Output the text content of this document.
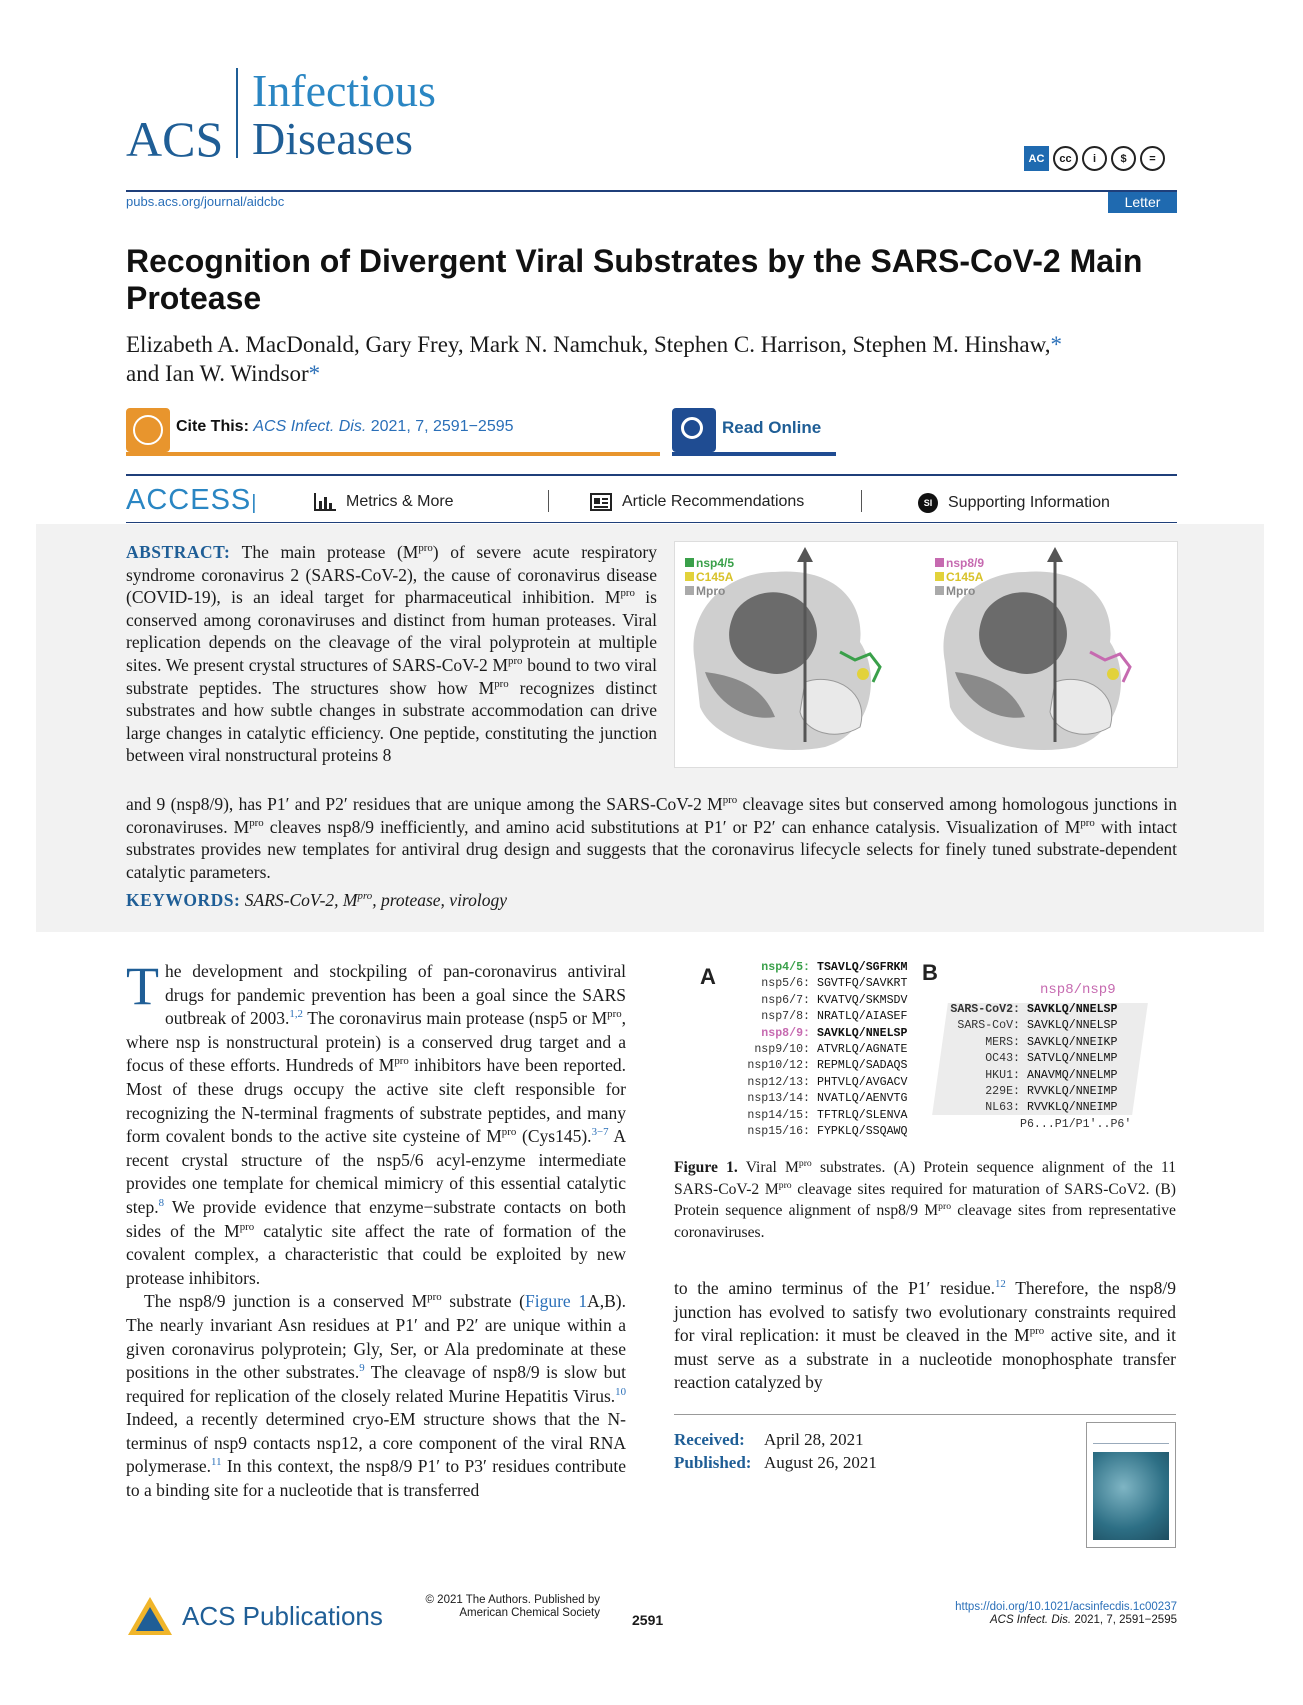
ACS
Infectious
Diseases	AC	cc	i	$	=
pubs.acs.org/journal/aidcbc	Letter
Recognition of Divergent Viral Substrates by the SARS-CoV-2 Main Protease
Elizabeth A. MacDonald, Gary Frey, Mark N. Namchuk, Stephen C. Harrison, Stephen M. Hinshaw,*
and Ian W. Windsor*
Cite This: ACS Infect. Dis. 2021, 7, 2591−2595	Read Online
ACCESS|	Metrics & More	Article Recommendations	SI Supporting Information
ABSTRACT: The main protease $(M^{pro})$ of severe acute respiratory syndrome coronavirus 2 (SARS-CoV-2), the cause of coronavirus disease (COVID-19), is an ideal target for pharmaceutical inhibition. $M^{pro}$ is conserved among coronaviruses and distinct from human proteases. Viral replication depends on the cleavage of the viral polyprotein at multiple sites. We present crystal structures of SARS-CoV-2 $M^{pro}$ bound to two viral substrate peptides. The structures show how $M^{pro}$ recognizes distinct substrates and how subtle changes in substrate accommodation can drive large changes in catalytic efficiency. One peptide, constituting the junction between viral nonstructural proteins 8
and 9 (nsp8/9), has P1′ and P2′ residues that are unique among the SARS-CoV-2 $M^{pro}$ cleavage sites but conserved among homologous junctions in coronaviruses. $M^{pro}$ cleaves nsp8/9 inefficiently, and amino acid substitutions at P1′ or P2′ can enhance catalysis. Visualization of $M^{pro}$ with intact substrates provides new templates for antiviral drug design and suggests that the coronavirus lifecycle selects for finely tuned substrate-dependent catalytic parameters.
KEYWORDS: SARS-CoV-2, $M^{pro}$, protease, virology
nsp4/5
C145A
Mpro
nsp8/9
C145A
Mpro
The development and stockpiling of pan-coronavirus antiviral drugs for pandemic prevention has been a goal since the SARS outbreak of 2003.$^{1,2}$ The coronavirus main protease (nsp5 or $M^{pro}$, where nsp is nonstructural protein) is a conserved drug target and a focus of these efforts. Hundreds of $M^{pro}$ inhibitors have been reported. Most of these drugs occupy the active site cleft responsible for recognizing the N-terminal fragments of substrate peptides, and many form covalent bonds to the active site cysteine of $M^{pro}$ (Cys145).$^{3-7}$ A recent crystal structure of the nsp5/6 acyl-enzyme intermediate provides one template for chemical mimicry of this essential catalytic step.$^8$ We provide evidence that enzyme−substrate contacts on both sides of the $M^{pro}$ catalytic site affect the rate of formation of the covalent complex, a characteristic that could be exploited by new protease inhibitors.
The nsp8/9 junction is a conserved $M^{pro}$ substrate (Figure 1A,B). The nearly invariant Asn residues at P1′ and P2′ are unique within a given coronavirus polyprotein; Gly, Ser, or Ala predominate at these positions in the other substrates.$^9$ The cleavage of nsp8/9 is slow but required for replication of the closely related Murine Hepatitis Virus.$^{10}$ Indeed, a recently determined cryo-EM structure shows that the N-terminus of nsp9 contacts nsp12, a core component of the viral RNA polymerase.$^{11}$ In this context, the nsp8/9 P1′ to P3′ residues contribute to a binding site for a nucleotide that is transferred
A	B
nsp4/5: TSAVLQ/SGFRKM
nsp5/6: SGVTFQ/SAVKRT
nsp6/7: KVATVQ/SKMSDV
nsp7/8: NRATLQ/AIASEF
nsp8/9: SAVKLQ/NNELSP
nsp9/10: ATVRLQ/AGNATE
nsp10/12: REPMLQ/SADAQS
nsp12/13: PHTVLQ/AVGACV
nsp13/14: NVATLQ/AENVTG
nsp14/15: TFTRLQ/SLENVA
nsp15/16: FYPKLQ/SSQAWQ
nsp8/nsp9
SARS-CoV2: SAVKLQ/NNELSP
SARS-CoV: SAVKLQ/NNELSP
MERS: SAVKLQ/NNEIKP
OC43: SATVLQ/NNELMP
HKU1: ANAVMQ/NNELMP
229E: RVVKLQ/NNEIMP
NL63: RVVKLQ/NNEIMP
P6...P1/P1′..P6′
Figure 1. Viral $M^{pro}$ substrates. (A) Protein sequence alignment of the 11 SARS-CoV-2 $M^{pro}$ cleavage sites required for maturation of SARS-CoV2. (B) Protein sequence alignment of nsp8/9 $M^{pro}$ cleavage sites from representative coronaviruses.
to the amino terminus of the P1′ residue.$^{12}$ Therefore, the nsp8/9 junction has evolved to satisfy two evolutionary constraints required for viral replication: it must be cleaved in the $M^{pro}$ active site, and it must serve as a substrate in a nucleotide monophosphate transfer reaction catalyzed by
Received: April 28, 2021
Published: August 26, 2021
ACS Publications
© 2021 The Authors. Published by
American Chemical Society 2591
https://doi.org/10.1021/acsinfecdis.1c00237
ACS Infect. Dis. 2021, 7, 2591−2595
